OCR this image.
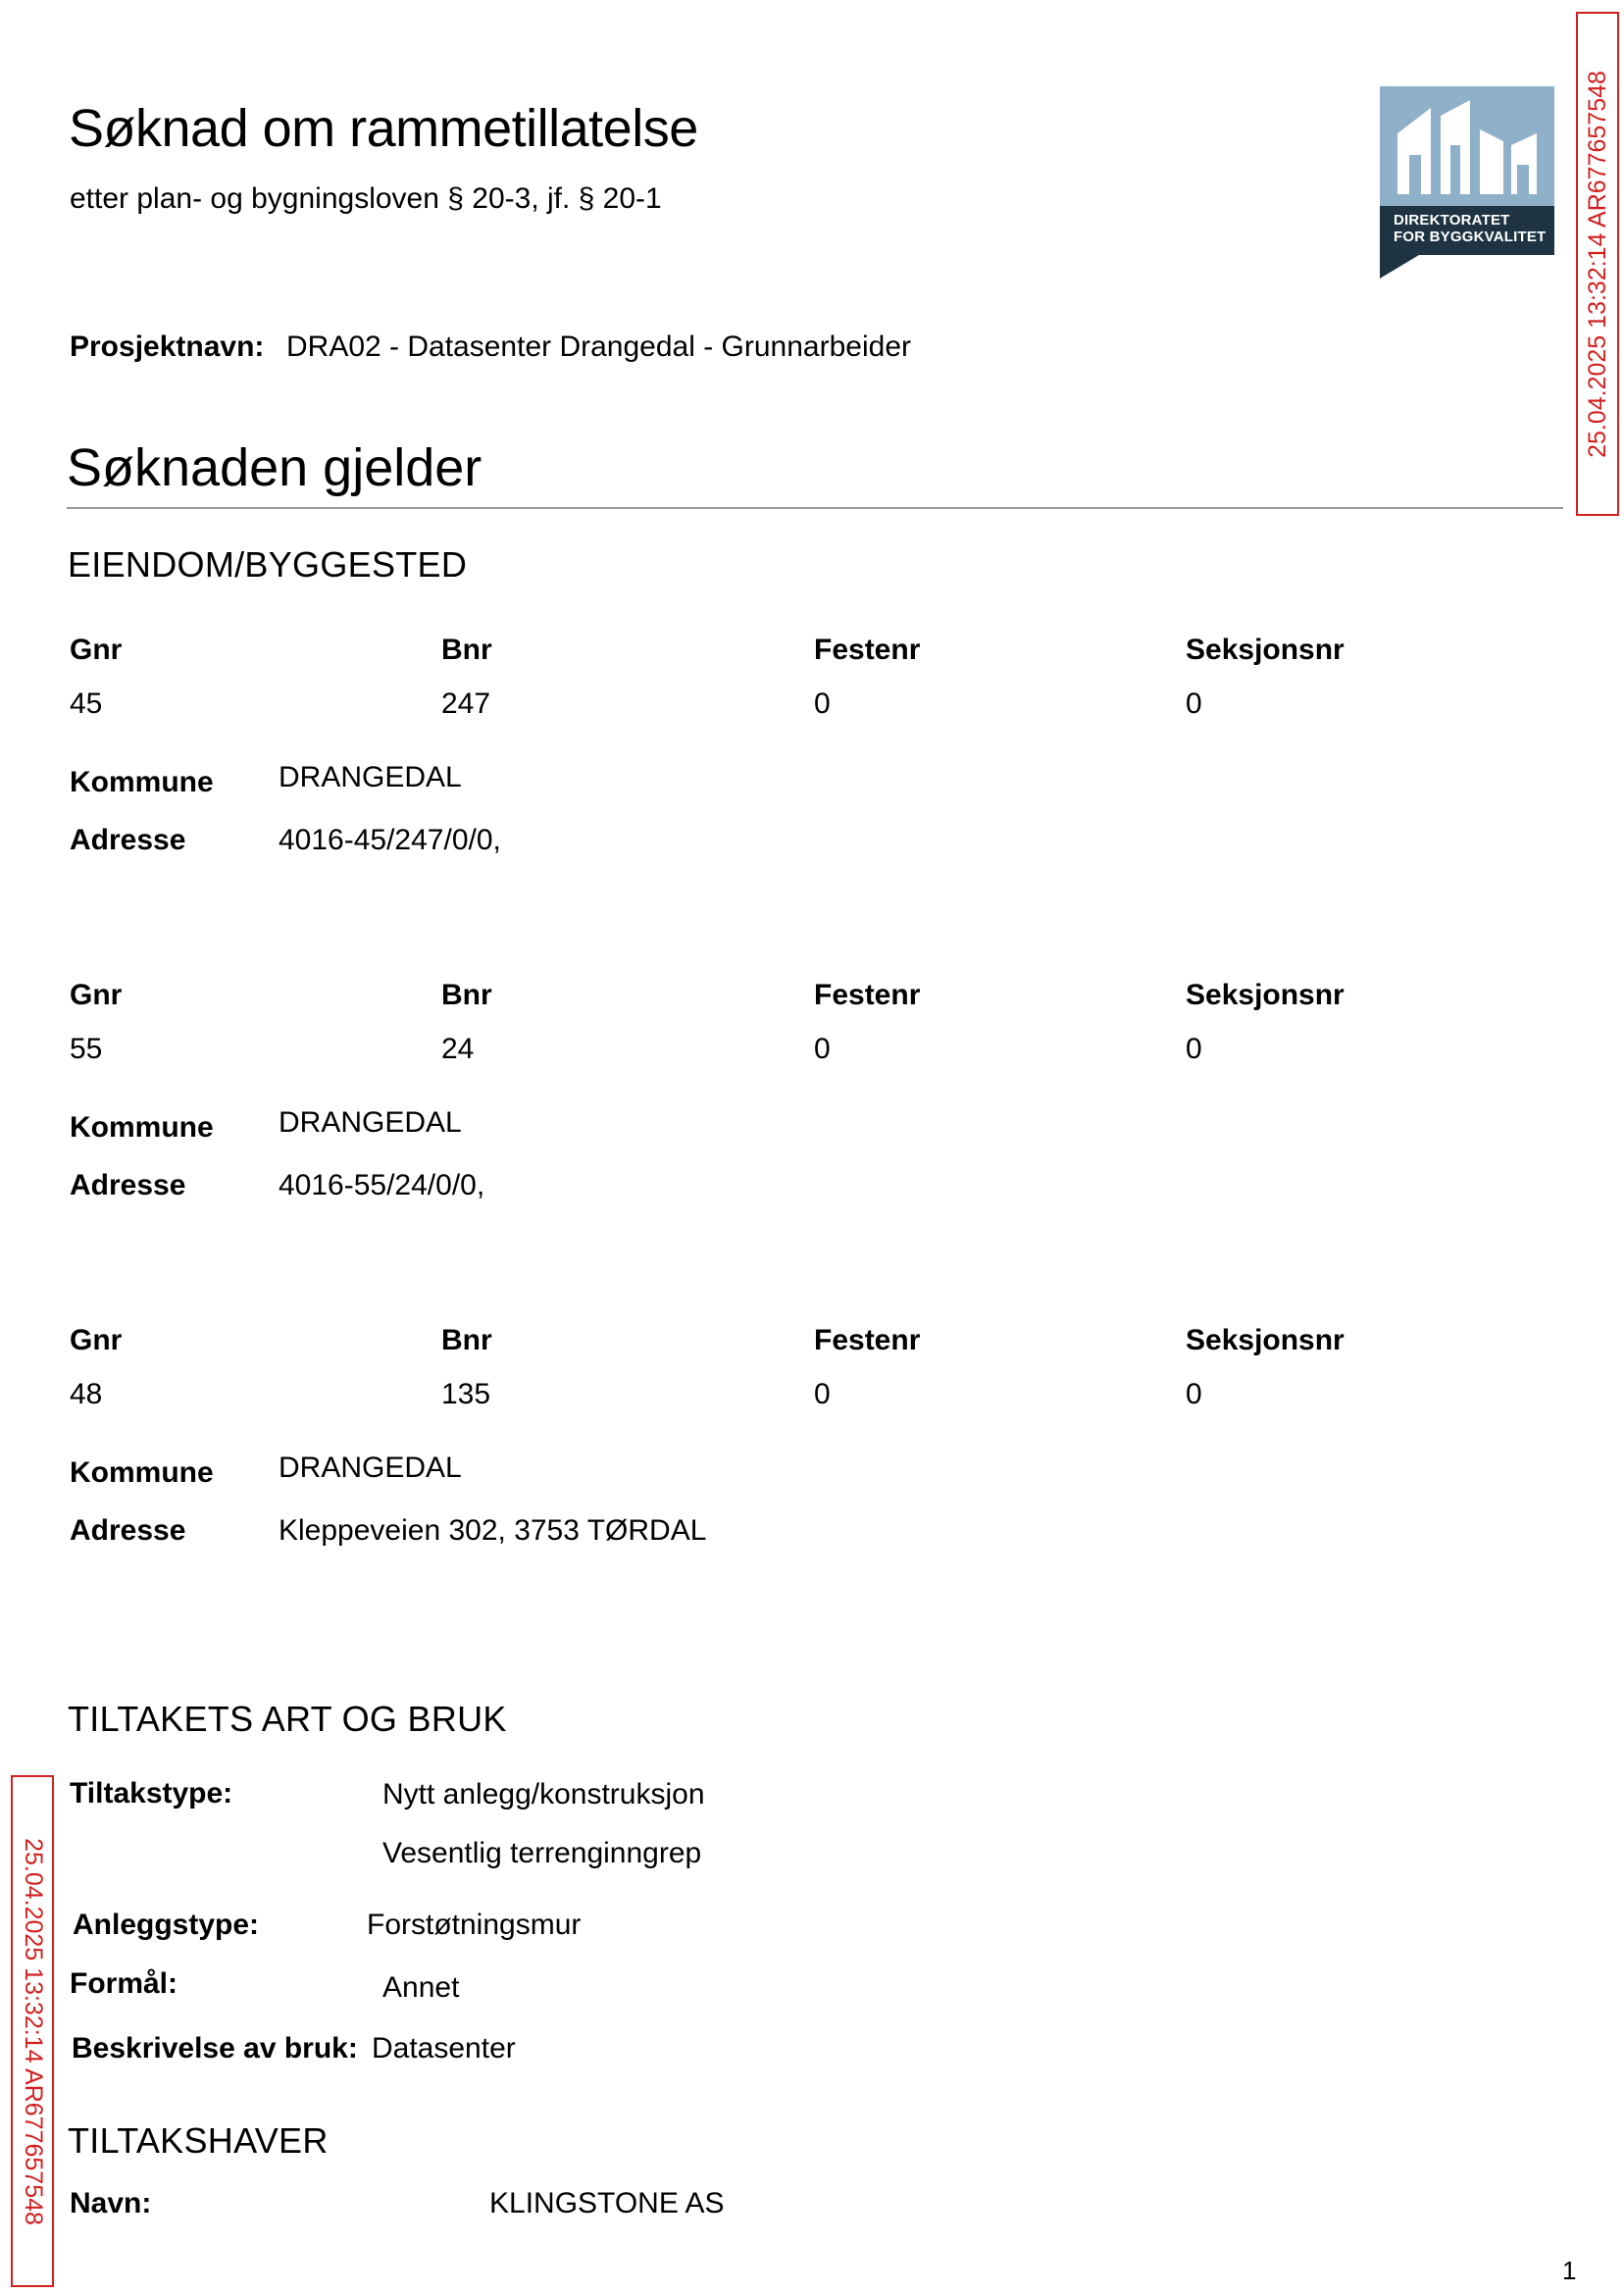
Søknad om rammetillatelse
etter plan- og bygningsloven § 20-3, jf. § 20-1
DIREKTORATET
FOR BYGGKVALITET 25.04.2025 13:32:14 AR677657548
25.04.2025 13:32:14 AR677657548
Prosjektnavn: DRA02 - Datasenter Drangedal - Grunnarbeider
Søknaden gjelder
EIENDOM/BYGGESTED
Gnr	Bnr	Festenr	Seksjonsnr
45	247	0	0
Kommune DRANGEDAL
Adresse	4016-45/247/0/0,
Gnr	Bnr	Festenr	Seksjonsnr
55	24	0	0
Kommune DRANGEDAL
Adresse	4016-55/24/0/0,
Gnr	Bnr	Festenr	Seksjonsnr
48	135	0	0
Kommune DRANGEDAL
Adresse	Kleppeveien 302, 3753 TØRDAL
TILTAKETS ART OG BRUK
Tiltakstype:	Nytt anlegg/konstruksjon
Vesentlig terrenginngrep
Anleggstype:	Forstøtningsmur
Formål:	Annet
Beskrivelse av bruk: Datasenter
TILTAKSHAVER
Navn:	KLINGSTONE AS
1
